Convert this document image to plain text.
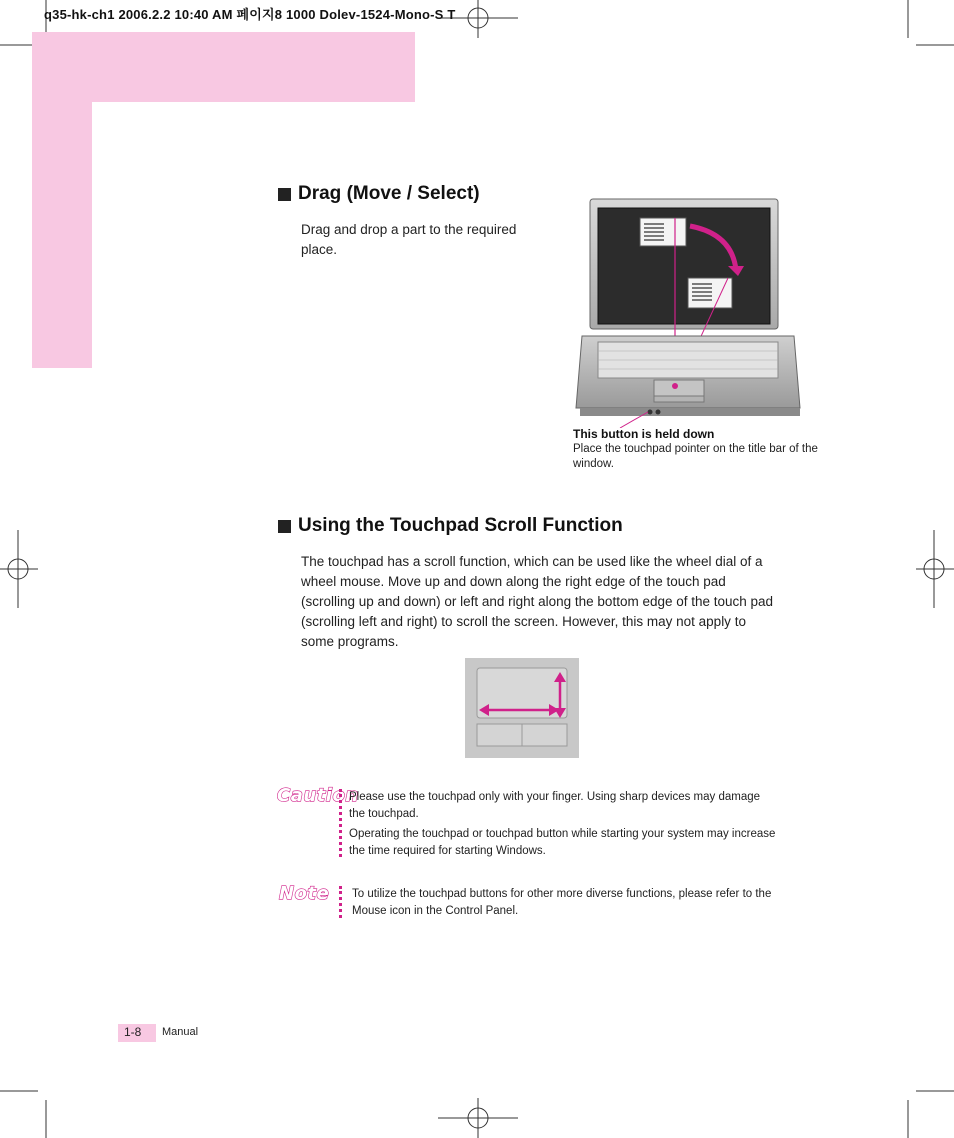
q35-hk-ch1 2006.2.2 10:40 AM 페이지8 1000 Dolev-1524-Mono-S T
Drag (Move / Select)
Drag and drop a part to the required place.
This button is held down
Place the touchpad pointer on the title bar of the window.
Using the Touchpad Scroll Function
The touchpad has a scroll function, which can be used like the wheel dial of a wheel mouse. Move up and down along the right edge of the touch pad (scrolling up and down) or left and right along the bottom edge of the touch pad (scrolling left and right) to scroll the screen. However, this may not apply to some programs.
Caution
Please use the touchpad only with your finger. Using sharp devices may damage the touchpad.
Operating the touchpad or touchpad button while starting your system may increase the time required for starting Windows.
Note To utilize the touchpad buttons for other more diverse functions, please refer to the Mouse icon in the Control Panel.
1-8	Manual
